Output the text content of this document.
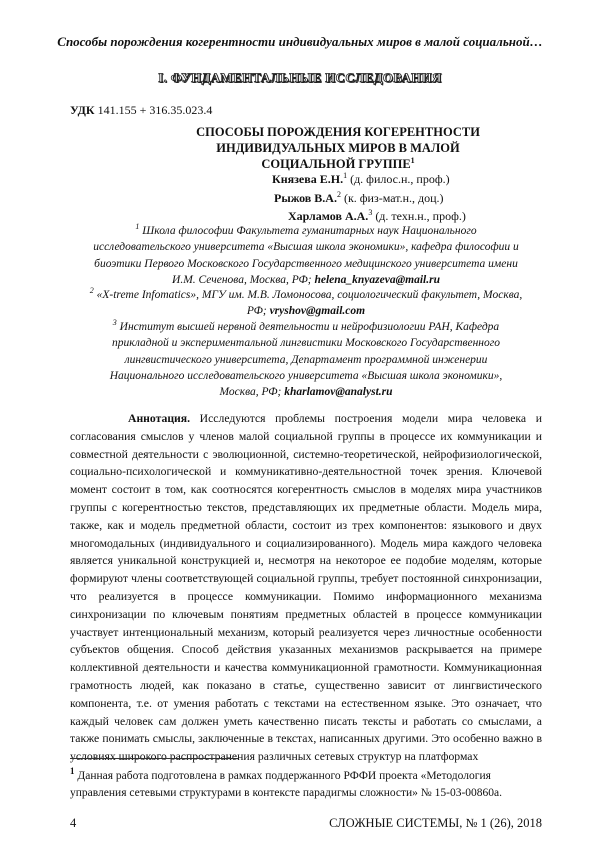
Способы порождения когерентности индивидуальных миров в малой социальной…
I. ФУНДАМЕНТАЛЬНЫЕ ИССЛЕДОВАНИЯ
УДК 141.155 + 316.35.023.4
СПОСОБЫ ПОРОЖДЕНИЯ КОГЕРЕНТНОСТИ
ИНДИВИДУАЛЬНЫХ МИРОВ В МАЛОЙ
СОЦИАЛЬНОЙ ГРУППЕ$^1$
Князева Е.Н.$^1$ (д. филос.н., проф.)
Рыжов В.А.$^2$ (к. физ-мат.н., доц.)
Харламов А.А.$^3$ (д. техн.н., проф.)
$^1$ Школа философии Факультета гуманитарных наук Национального
исследовательского университета «Высшая школа экономики», кафедра философии и
биоэтики Первого Московского Государственного медицинского университета имени
И.М. Сеченова, Москва, РФ; helena_knyazeva@mail.ru
$^2$ «X-treme Infomatics», МГУ им. М.В. Ломоносова, социологический факультет, Москва,
РФ; vryshov@gmail.com
$^3$ Институт высшей нервной деятельности и нейрофизиологии РАН, Кафедра
прикладной и экспериментальной лингвистики Московского Государственного
лингвистического университета, Департамент программной инженерии
Национального исследовательского университета «Высшая школа экономики»,
Москва, РФ; kharlamov@analyst.ru
Аннотация. Исследуются проблемы построения модели мира человека и согласования смыслов у членов малой социальной группы в процессе их коммуникации и совместной деятельности с эволюционной, системно-теоретической, нейрофизиологической, социально-психологической и коммуникативно-деятельностной точек зрения. Ключевой момент состоит в том, как соотносятся когерентность смыслов в моделях мира участников группы с когерентностью текстов, представляющих их предметные области. Модель мира, также, как и модель предметной области, состоит из трех компонентов: языкового и двух многомодальных (индивидуального и социализированного). Модель мира каждого человека является уникальной конструкцией и, несмотря на некоторое ее подобие моделям, которые формируют члены соответствующей социальной группы, требует постоянной синхронизации, что реализуется в процессе коммуникации. Помимо информационного механизма синхронизации по ключевым понятиям предметных областей в процессе коммуникации участвует интенциональный механизм, который реализуется через личностные особенности субъектов общения. Способ действия указанных механизмов раскрывается на примере коллективной деятельности и качества коммуникационной грамотности. Коммуникационная грамотность людей, как показано в статье, существенно зависит от лингвистического компонента, т.е. от умения работать с текстами на естественном языке. Это означает, что каждый человек сам должен уметь качественно писать тексты и работать со смыслами, а также понимать смыслы, заключенные в текстах, написанных другими. Это особенно важно в условиях широкого распространения различных сетевых структур на платформах
$^1$ Данная работа подготовлена в рамках поддержанного РФФИ проекта «Методология управления сетевыми структурами в контексте парадигмы сложности» № 15-03-00860а.
4	СЛОЖНЫЕ СИСТЕМЫ, № 1 (26), 2018
